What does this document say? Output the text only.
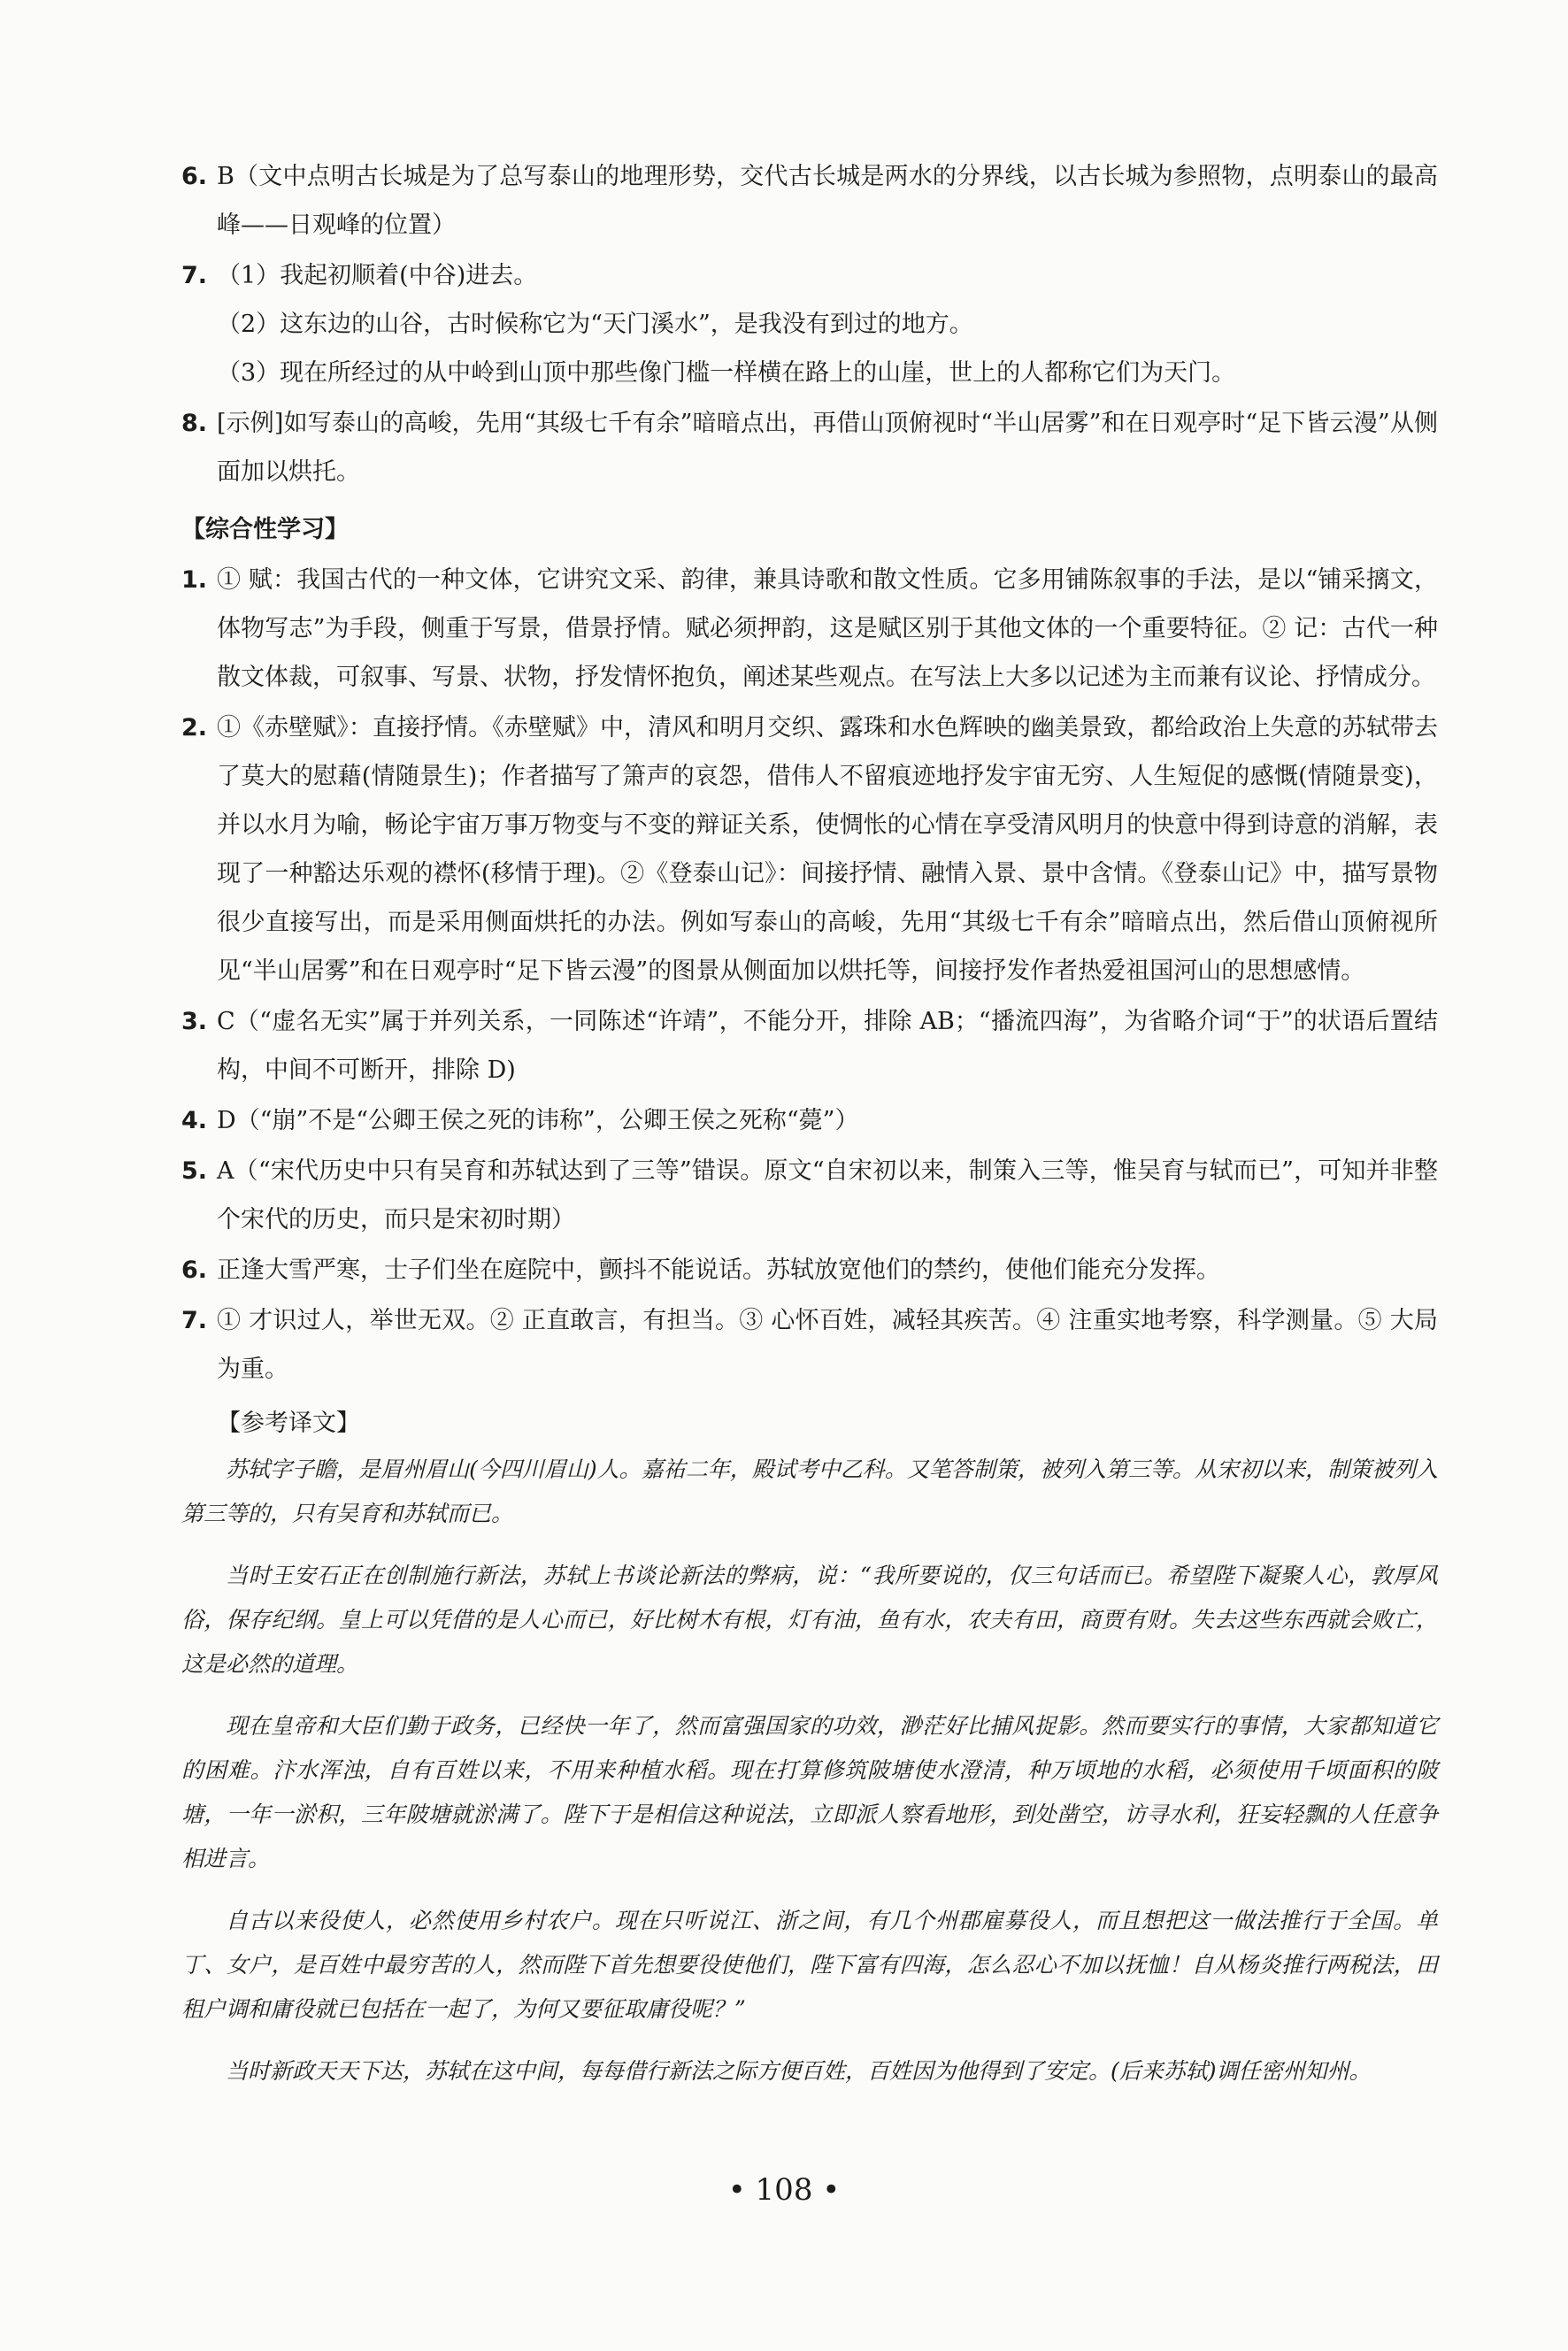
6. B（文中点明古长城是为了总写泰山的地理形势，交代古长城是两水的分界线，以古长城为参照物，点明泰山的最高峰——日观峰的位置）
7. （1）我起初顺着(中谷)进去。
（2）这东边的山谷，古时候称它为“天门溪水”，是我没有到过的地方。
（3）现在所经过的从中岭到山顶中那些像门槛一样横在路上的山崖，世上的人都称它们为天门。
8. [示例]如写泰山的高峻，先用“其级七千有余”暗暗点出，再借山顶俯视时“半山居雾”和在日观亭时“足下皆云漫”从侧面加以烘托。
【综合性学习】
1. ① 赋：我国古代的一种文体，它讲究文采、韵律，兼具诗歌和散文性质。它多用铺陈叙事的手法，是以“铺采摛文，体物写志”为手段，侧重于写景，借景抒情。赋必须押韵，这是赋区别于其他文体的一个重要特征。② 记：古代一种散文体裁，可叙事、写景、状物，抒发情怀抱负，阐述某些观点。在写法上大多以记述为主而兼有议论、抒情成分。
2. ①《赤壁赋》：直接抒情。《赤壁赋》中，清风和明月交织、露珠和水色辉映的幽美景致，都给政治上失意的苏轼带去了莫大的慰藉(情随景生)；作者描写了箫声的哀怨，借伟人不留痕迹地抒发宇宙无穷、人生短促的感慨(情随景变)，并以水月为喻，畅论宇宙万事万物变与不变的辩证关系，使惆怅的心情在享受清风明月的快意中得到诗意的消解，表现了一种豁达乐观的襟怀(移情于理)。②《登泰山记》：间接抒情、融情入景、景中含情。《登泰山记》中，描写景物很少直接写出，而是采用侧面烘托的办法。例如写泰山的高峻，先用“其级七千有余”暗暗点出，然后借山顶俯视所见“半山居雾”和在日观亭时“足下皆云漫”的图景从侧面加以烘托等，间接抒发作者热爱祖国河山的思想感情。
3. C（“虚名无实”属于并列关系，一同陈述“许靖”，不能分开，排除 AB；“播流四海”，为省略介词“于”的状语后置结构，中间不可断开，排除 D)
4. D（“崩”不是“公卿王侯之死的讳称”，公卿王侯之死称“薨”）
5. A（“宋代历史中只有吴育和苏轼达到了三等”错误。原文“自宋初以来，制策入三等，惟吴育与轼而已”，可知并非整个宋代的历史，而只是宋初时期）
6. 正逢大雪严寒，士子们坐在庭院中，颤抖不能说话。苏轼放宽他们的禁约，使他们能充分发挥。
7. ① 才识过人，举世无双。② 正直敢言，有担当。③ 心怀百姓，减轻其疾苦。④ 注重实地考察，科学测量。⑤ 大局为重。
【参考译文】

苏轼字子瞻，是眉州眉山(今四川眉山)人。嘉祐二年，殿试考中乙科。又笔答制策，被列入第三等。从宋初以来，制策被列入第三等的，只有吴育和苏轼而已。

当时王安石正在创制施行新法，苏轼上书谈论新法的弊病，说：“我所要说的，仅三句话而已。希望陛下凝聚人心，敦厚风俗，保存纪纲。皇上可以凭借的是人心而已，好比树木有根，灯有油，鱼有水，农夫有田，商贾有财。失去这些东西就会败亡，这是必然的道理。

现在皇帝和大臣们勤于政务，已经快一年了，然而富强国家的功效，渺茫好比捕风捉影。然而要实行的事情，大家都知道它的困难。汴水浑浊，自有百姓以来，不用来种植水稻。现在打算修筑陂塘使水澄清，种万顷地的水稻，必须使用千顷面积的陂塘，一年一淤积，三年陂塘就淤满了。陛下于是相信这种说法，立即派人察看地形，到处凿空，访寻水利，狂妄轻飘的人任意争相进言。

自古以来役使人，必然使用乡村农户。现在只听说江、浙之间，有几个州郡雇募役人，而且想把这一做法推行于全国。单丁、女户，是百姓中最穷苦的人，然而陛下首先想要役使他们，陛下富有四海，怎么忍心不加以抚恤！自从杨炎推行两税法，田租户调和庸役就已包括在一起了，为何又要征取庸役呢？”

当时新政天天下达，苏轼在这中间，每每借行新法之际方便百姓，百姓因为他得到了安定。(后来苏轼)调任密州知州。

• 108 •
